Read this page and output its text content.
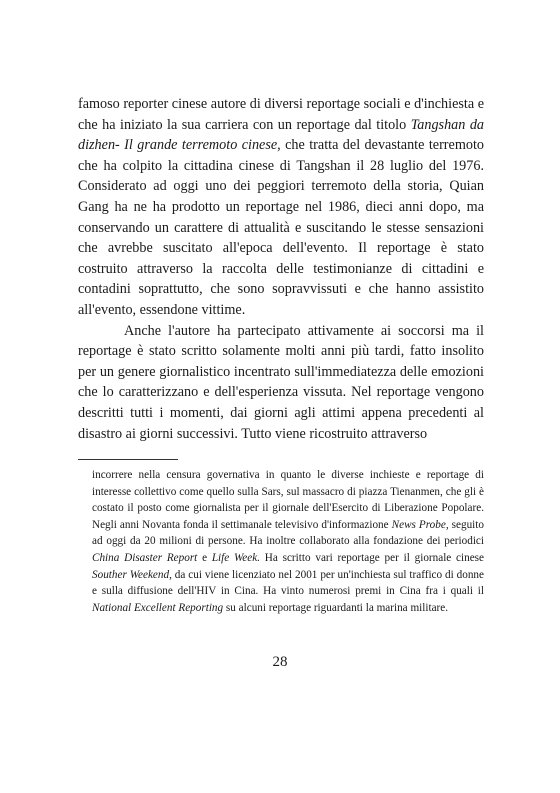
famoso reporter cinese autore di diversi reportage sociali e d'inchiesta e che ha iniziato la sua carriera con un reportage dal titolo Tangshan da dizhen- Il grande terremoto cinese, che tratta del devastante terremoto che ha colpito la cittadina cinese di Tangshan il 28 luglio del 1976. Considerato ad oggi uno dei peggiori terremoto della storia, Quian Gang ha ne ha prodotto un reportage nel 1986, dieci anni dopo, ma conservando un carattere di attualità e suscitando le stesse sensazioni che avrebbe suscitato all'epoca dell'evento. Il reportage è stato costruito attraverso la raccolta delle testimonianze di cittadini e contadini soprattutto, che sono sopravvissuti e che hanno assistito all'evento, essendone vittime.

Anche l'autore ha partecipato attivamente ai soccorsi ma il reportage è stato scritto solamente molti anni più tardi, fatto insolito per un genere giornalistico incentrato sull'immediatezza delle emozioni che lo caratterizzano e dell'esperienza vissuta. Nel reportage vengono descritti tutti i momenti, dai giorni agli attimi appena precedenti al disastro ai giorni successivi. Tutto viene ricostruito attraverso

incorrere nella censura governativa in quanto le diverse inchieste e reportage di interesse collettivo come quello sulla Sars, sul massacro di piazza Tienanmen, che gli è costato il posto come giornalista per il giornale dell'Esercito di Liberazione Popolare. Negli anni Novanta fonda il settimanale televisivo d'informazione News Probe, seguito ad oggi da 20 milioni di persone. Ha inoltre collaborato alla fondazione dei periodici China Disaster Report e Life Week. Ha scritto vari reportage per il giornale cinese Souther Weekend, da cui viene licenziato nel 2001 per un'inchiesta sul traffico di donne e sulla diffusione dell'HIV in Cina. Ha vinto numerosi premi in Cina fra i quali il National Excellent Reporting su alcuni reportage riguardanti la marina militare.

28
